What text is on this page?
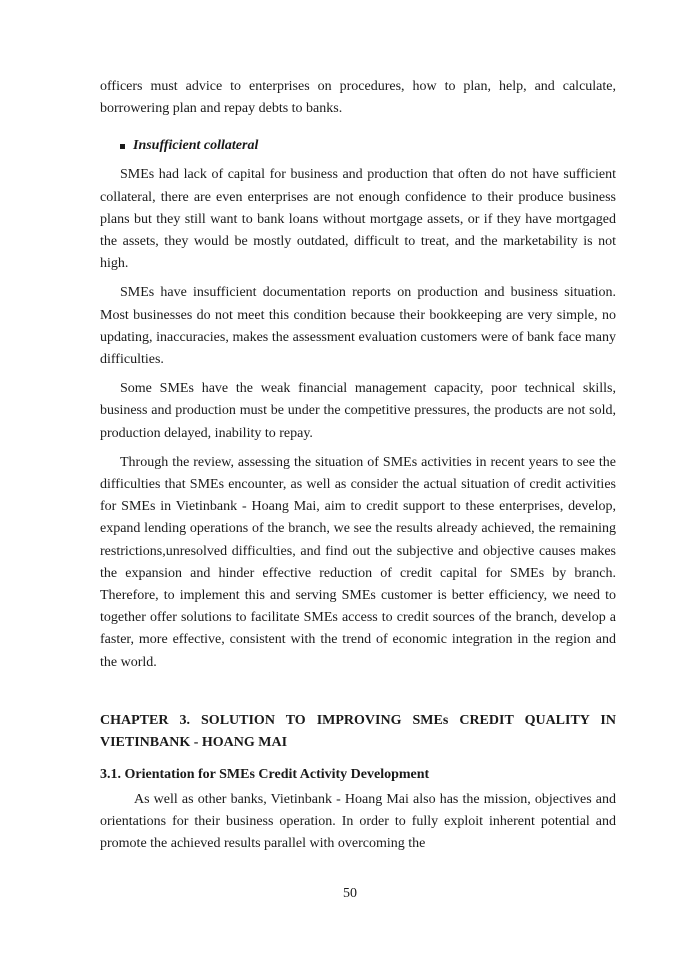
officers must advice to enterprises on procedures, how to plan, help, and calculate, borrowering plan and repay debts to banks.

Insufficient collateral

SMEs had lack of capital for business and production that often do not have sufficient collateral, there are even enterprises are not enough confidence to their produce business plans but they still want to bank loans without mortgage assets, or if they have mortgaged the assets, they would be mostly outdated, difficult to treat, and the marketability is not high.

SMEs have insufficient documentation reports on production and business situation. Most businesses do not meet this condition because their bookkeeping are very simple, no updating, inaccuracies, makes the assessment evaluation customers were of bank face many difficulties.

Some SMEs have the weak financial management capacity, poor technical skills, business and production must be under the competitive pressures, the products are not sold, production delayed, inability to repay.

Through the review, assessing the situation of SMEs activities in recent years to see the difficulties that SMEs encounter, as well as consider the actual situation of credit activities for SMEs in Vietinbank - Hoang Mai, aim to credit support to these enterprises, develop, expand lending operations of the branch, we see the results already achieved, the remaining restrictions,unresolved difficulties, and find out the subjective and objective causes makes the expansion and hinder effective reduction of credit capital for SMEs by branch. Therefore, to implement this and serving SMEs customer is better efficiency, we need to together offer solutions to facilitate SMEs access to credit sources of the branch, develop a faster, more effective, consistent with the trend of economic integration in the region and the world.

CHAPTER 3. SOLUTION TO IMPROVING SMEs CREDIT QUALITY IN VIETINBANK - HOANG MAI
3.1. Orientation for SMEs Credit Activity Development

As well as other banks, Vietinbank - Hoang Mai also has the mission, objectives and orientations for their business operation. In order to fully exploit inherent potential and promote the achieved results parallel with overcoming the

50
